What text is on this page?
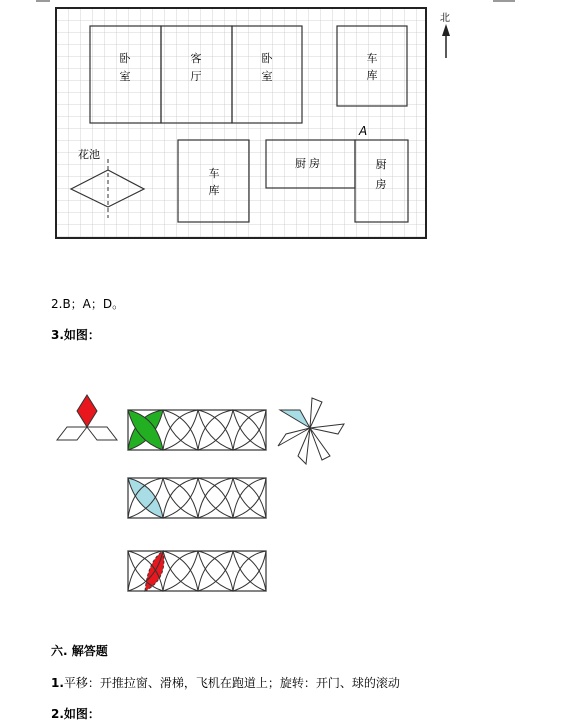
卧
室
客
厅
卧
室
车
库
车
库
厨房	厨
房
花池
A
北
2.B；A；D。
3.如图：
六. 解答题
1.平移：开推拉窗、滑梯，飞机在跑道上；旋转：开门、球的滚动
2.如图：
